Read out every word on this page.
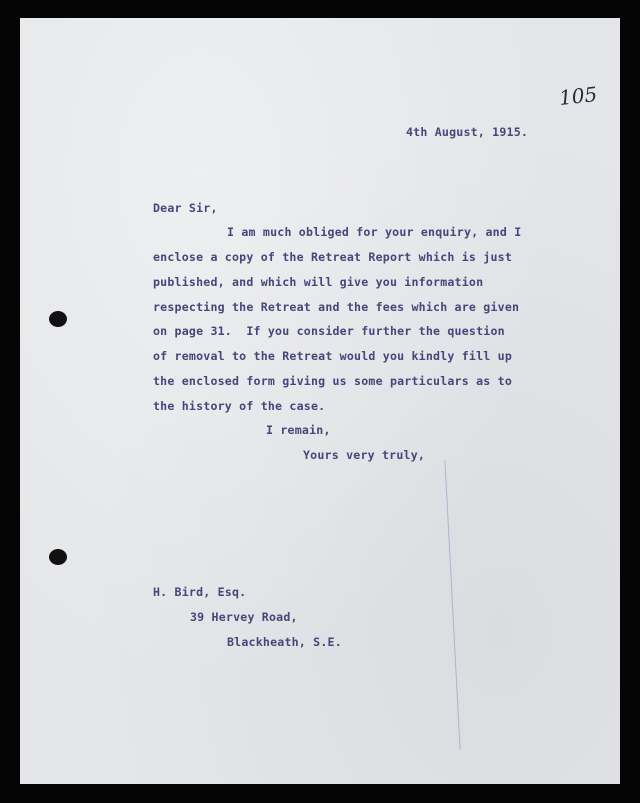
105
4th August, 1915.
Dear Sir,
I am much obliged for your enquiry, and I
enclose a copy of the Retreat Report which is just
published, and which will give you information
respecting the Retreat and the fees which are given
on page 31.  If you consider further the question
of removal to the Retreat would you kindly fill up
the enclosed form giving us some particulars as to
the history of the case.
I remain,
Yours very truly,
H. Bird, Esq.
39 Hervey Road,
Blackheath, S.E.
